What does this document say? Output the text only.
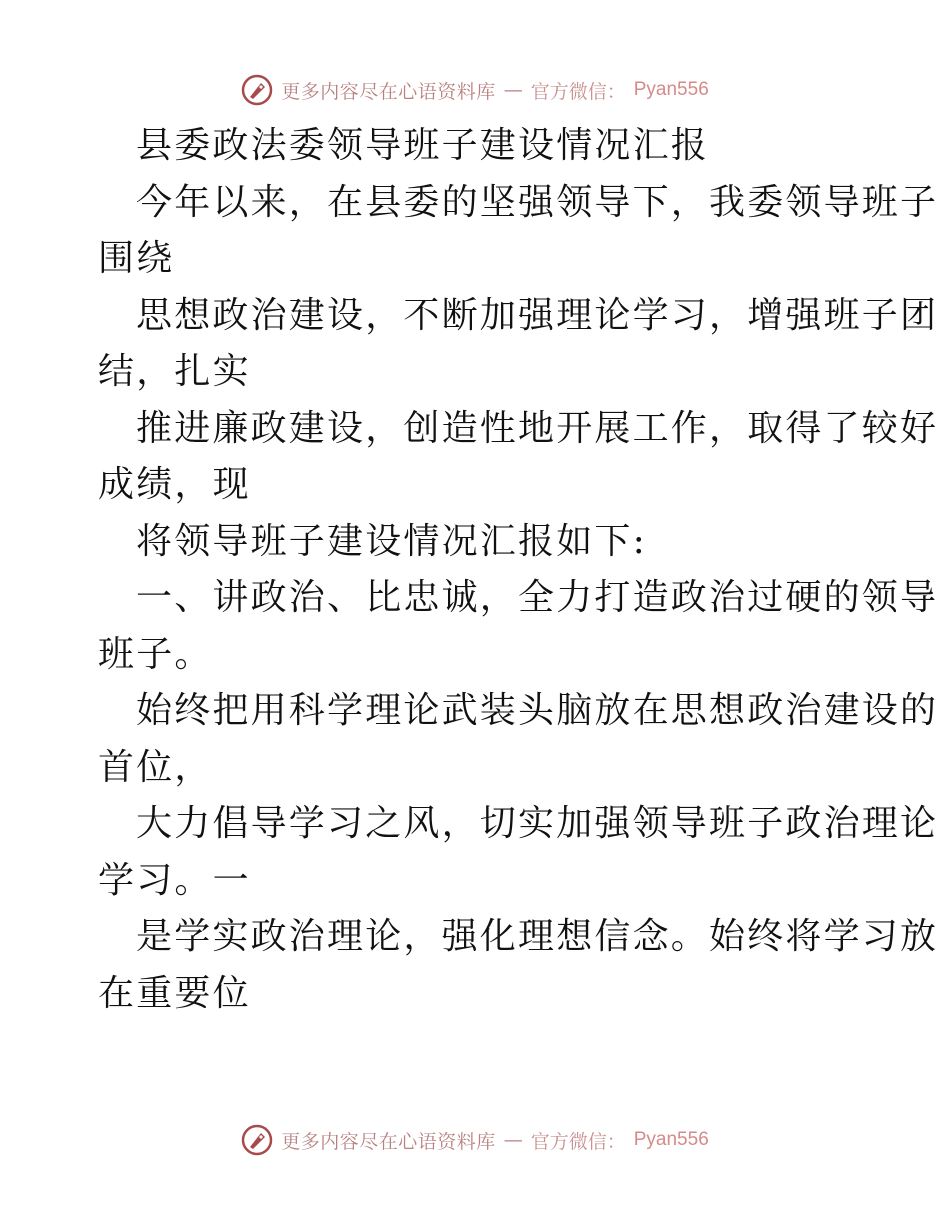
更多内容尽在心语资料库 — 官方微信： Pyan556
县委政法委领导班子建设情况汇报
今年以来，在县委的坚强领导下，我委领导班子
围绕
思想政治建设，不断加强理论学习，增强班子团
结，扎实
推进廉政建设，创造性地开展工作，取得了较好
成绩，现
将领导班子建设情况汇报如下:
一、讲政治、比忠诚，全力打造政治过硬的领导
班子。
始终把用科学理论武装头脑放在思想政治建设的
首位，
大力倡导学习之风，切实加强领导班子政治理论
学习。一
是学实政治理论，强化理想信念。始终将学习放
在重要位
更多内容尽在心语资料库 — 官方微信： Pyan556
